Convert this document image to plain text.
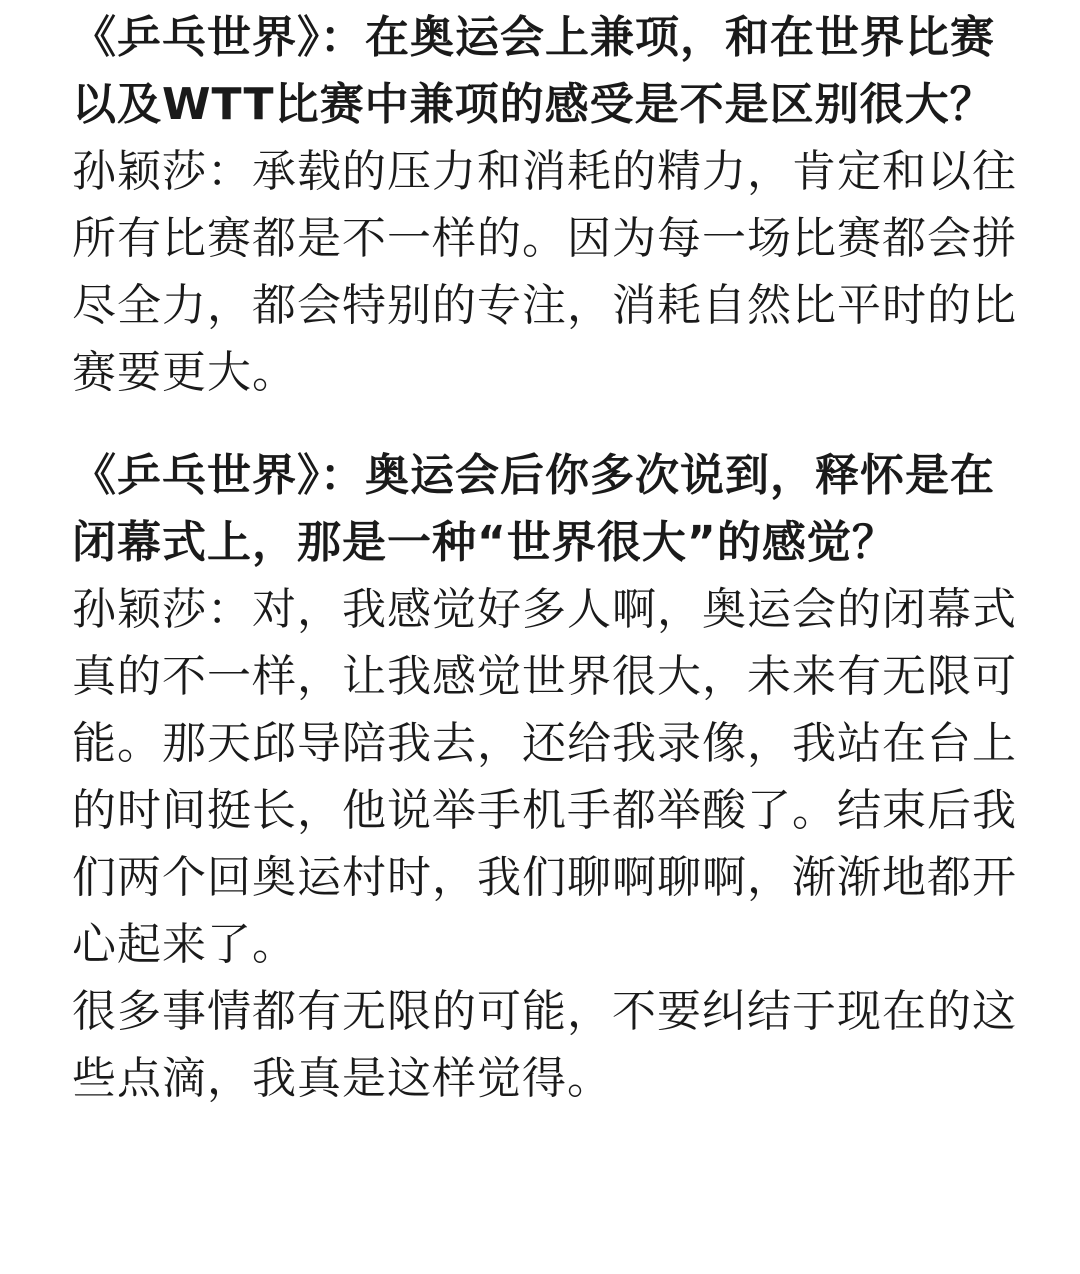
《乒乓世界》：在奥运会上兼项，和在世界比赛以及WTT比赛中兼项的感受是不是区别很大？

孙颖莎：承载的压力和消耗的精力，肯定和以往所有比赛都是不一样的。因为每一场比赛都会拼尽全力，都会特别的专注，消耗自然比平时的比赛要更大。

《乒乓世界》：奥运会后你多次说到，释怀是在闭幕式上，那是一种“世界很大”的感觉？

孙颖莎：对，我感觉好多人啊，奥运会的闭幕式真的不一样，让我感觉世界很大，未来有无限可能。那天邱导陪我去，还给我录像，我站在台上的时间挺长，他说举手机手都举酸了。结束后我们两个回奥运村时，我们聊啊聊啊，渐渐地都开心起来了。

很多事情都有无限的可能，不要纠结于现在的这些点滴，我真是这样觉得。
